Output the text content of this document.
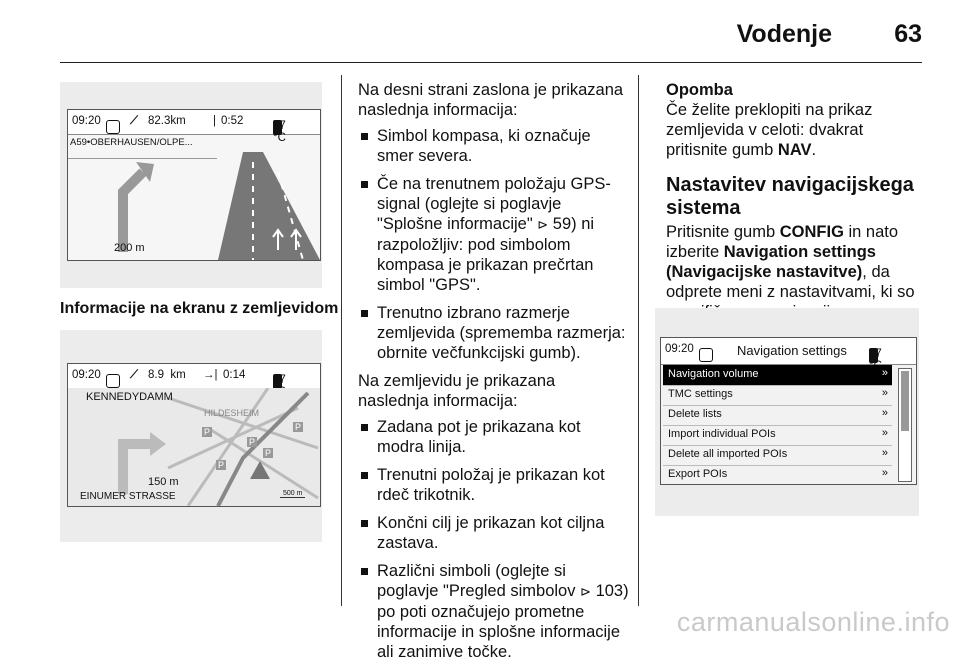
Vodenje 63
09:20	⟋ 82.3km | 0:52	17 °C
A59•OBERHAUSEN/OLPE...
200 m
Informacije na ekranu z zemljevidom
09:20	⟋ 8.9  km →| 0:14 17
KENNEDYDAMM
HILDESHEIM
P
P
P
P
P
150 m
EINUMER STRASSE	500 m

Na desni strani zaslona je prikazana naslednja informacija:

Simbol kompasa, ki označuje smer severa.
Če na trenutnem položaju GPS-signal (oglejte si poglavje "Splošne informacije" ⊳ 59) ni razpoložljiv: pod simbolom kompasa je prikazan prečrtan simbol "GPS".
Trenutno izbrano razmerje zemljevida (sprememba razmerja: obrnite večfunkcijski gumb).

Na zemljevidu je prikazana naslednja informacija:

Zadana pot je prikazana kot modra linija.
Trenutni položaj je prikazan kot rdeč trikotnik.
Končni cilj je prikazan kot ciljna zastava.
Različni simboli (oglejte si poglavje "Pregled simbolov ⊳ 103) po poti označujejo prometne informacije in splošne informacije ali zanimive točke.
Opomba

Če želite preklopiti na prikaz zemljevida v celoti: dvakrat pritisnite gumb NAV.

Nastavitev navigacijskega sistema

Pritisnite gumb CONFIG in nato izberite Navigation settings (Navigacijske nastavitve), da odprete meni z nastavitvami, ki so

09:20	Navigation settings 17
Navigation volume	»
TMC settings	»
Delete lists	»
Import individual POIs	»
Delete all imported POIs	»
Export POIs	»
carmanualsonline.info
